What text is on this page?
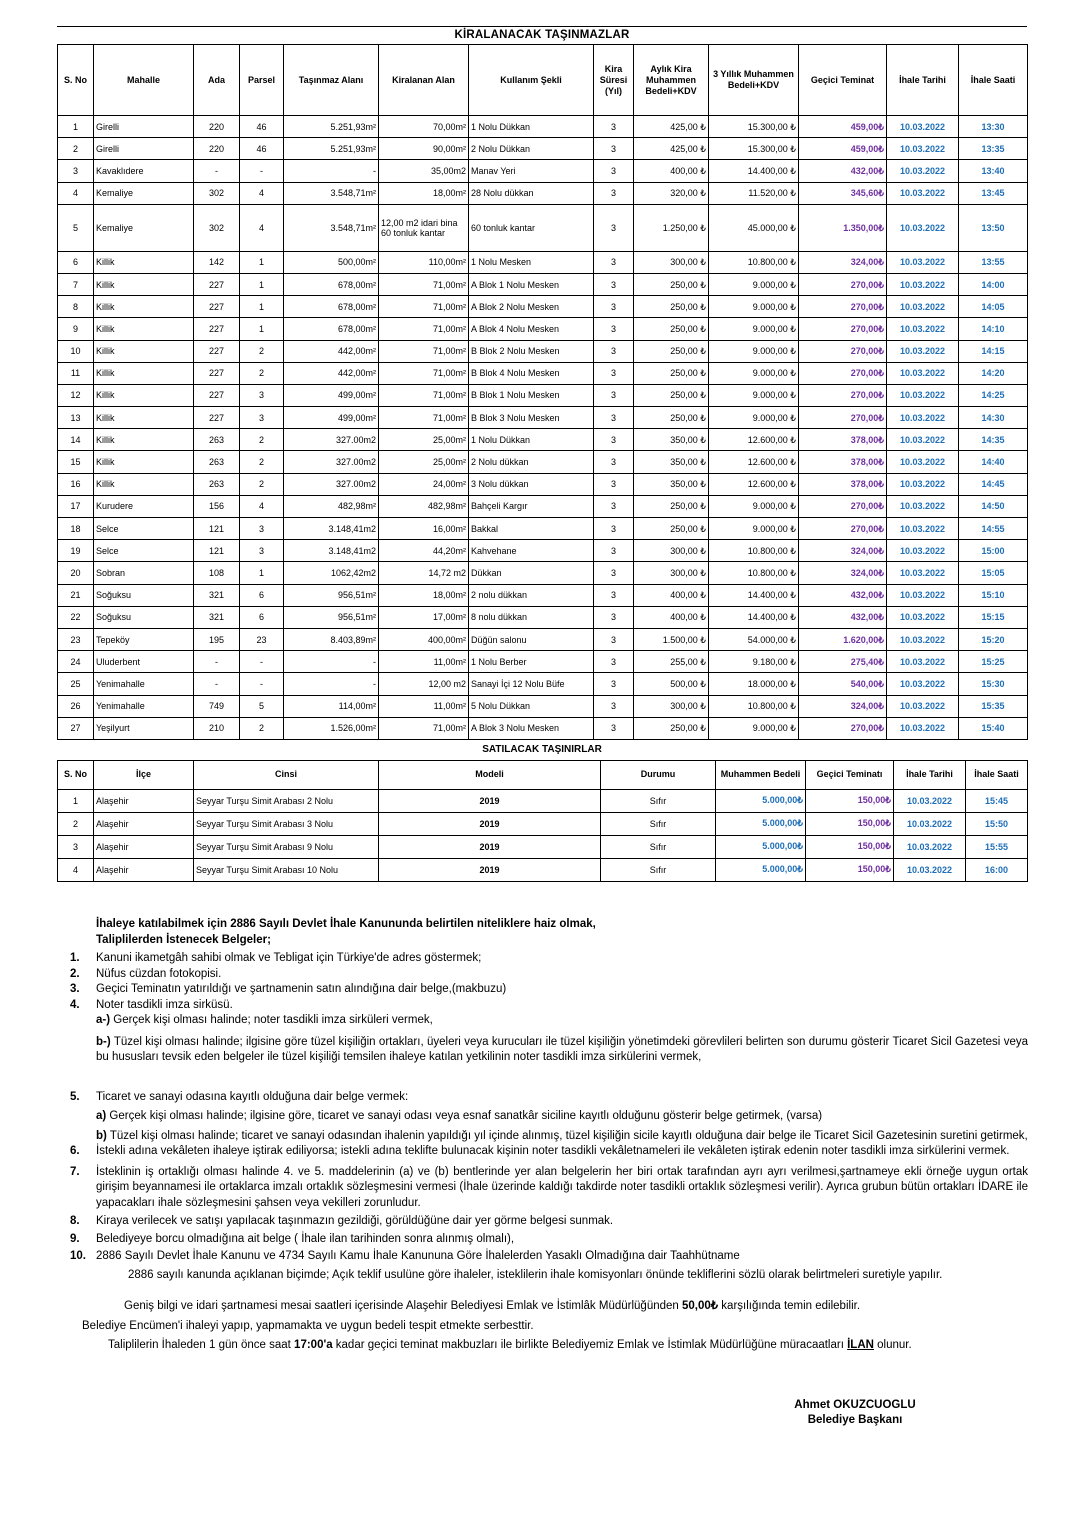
KİRALANACAK TAŞINMAZLAR
S. No	Mahalle	Ada	Parsel	Taşınmaz Alanı	Kiralanan Alan	Kullanım Şekli	Kira Süresi (Yıl)	Aylık Kira Muhammen Bedeli+KDV	3 Yıllık Muhammen Bedeli+KDV	Geçici Teminat	İhale Tarihi	İhale Saati
1	Girelli	220	46	5.251,93m²	70,00m²	1 Nolu Dükkan	3	425,00 ₺	15.300,00 ₺	459,00₺	10.03.2022	13:30
2	Girelli	220	46	5.251,93m²	90,00m²	2 Nolu Dükkan	3	425,00 ₺	15.300,00 ₺	459,00₺	10.03.2022	13:35
3	Kavaklıdere	-	-	-	35,00m2	Manav Yeri	3	400,00 ₺	14.400,00 ₺	432,00₺	10.03.2022	13:40
4	Kemaliye	302	4	3.548,71m²	18,00m²	28 Nolu dükkan	3	320,00 ₺	11.520,00 ₺	345,60₺	10.03.2022	13:45
5	Kemaliye	302	4	3.548,71m²	12,00 m2 idari bina 60 tonluk kantar	60 tonluk kantar	3	1.250,00 ₺	45.000,00 ₺	1.350,00₺	10.03.2022	13:50
6	Killik	142	1	500,00m²	110,00m²	1 Nolu Mesken	3	300,00 ₺	10.800,00 ₺	324,00₺	10.03.2022	13:55
7	Killik	227	1	678,00m²	71,00m²	A Blok 1 Nolu Mesken	3	250,00 ₺	9.000,00 ₺	270,00₺	10.03.2022	14:00
8	Killik	227	1	678,00m²	71,00m²	A Blok 2 Nolu Mesken	3	250,00 ₺	9.000,00 ₺	270,00₺	10.03.2022	14:05
9	Killik	227	1	678,00m²	71,00m²	A Blok 4 Nolu Mesken	3	250,00 ₺	9.000,00 ₺	270,00₺	10.03.2022	14:10
10	Killik	227	2	442,00m²	71,00m²	B Blok 2 Nolu Mesken	3	250,00 ₺	9.000,00 ₺	270,00₺	10.03.2022	14:15
11	Killik	227	2	442,00m²	71,00m²	B Blok 4 Nolu Mesken	3	250,00 ₺	9.000,00 ₺	270,00₺	10.03.2022	14:20
12	Killik	227	3	499,00m²	71,00m²	B Blok 1 Nolu Mesken	3	250,00 ₺	9.000,00 ₺	270,00₺	10.03.2022	14:25
13	Killik	227	3	499,00m²	71,00m²	B Blok 3 Nolu Mesken	3	250,00 ₺	9.000,00 ₺	270,00₺	10.03.2022	14:30
14	Killik	263	2	327.00m2	25,00m²	1 Nolu Dükkan	3	350,00 ₺	12.600,00 ₺	378,00₺	10.03.2022	14:35
15	Killik	263	2	327.00m2	25,00m²	2 Nolu dükkan	3	350,00 ₺	12.600,00 ₺	378,00₺	10.03.2022	14:40
16	Killik	263	2	327.00m2	24,00m²	3 Nolu dükkan	3	350,00 ₺	12.600,00 ₺	378,00₺	10.03.2022	14:45
17	Kurudere	156	4	482,98m²	482,98m²	Bahçeli Kargır	3	250,00 ₺	9.000,00 ₺	270,00₺	10.03.2022	14:50
18	Selce	121	3	3.148,41m2	16,00m²	Bakkal	3	250,00 ₺	9.000,00 ₺	270,00₺	10.03.2022	14:55
19	Selce	121	3	3.148,41m2	44,20m²	Kahvehane	3	300,00 ₺	10.800,00 ₺	324,00₺	10.03.2022	15:00
20	Sobran	108	1	1062,42m2	14,72 m2	Dükkan	3	300,00 ₺	10.800,00 ₺	324,00₺	10.03.2022	15:05
21	Soğuksu	321	6	956,51m²	18,00m²	2 nolu dükkan	3	400,00 ₺	14.400,00 ₺	432,00₺	10.03.2022	15:10
22	Soğuksu	321	6	956,51m²	17,00m²	8 nolu dükkan	3	400,00 ₺	14.400,00 ₺	432,00₺	10.03.2022	15:15
23	Tepeköy	195	23	8.403,89m²	400,00m²	Düğün salonu	3	1.500,00 ₺	54.000,00 ₺	1.620,00₺	10.03.2022	15:20
24	Uluderbent	-	-	-	11,00m²	1 Nolu Berber	3	255,00 ₺	9.180,00 ₺	275,40₺	10.03.2022	15:25
25	Yenimahalle	-	-	-	12,00 m2	Sanayi İçi 12 Nolu Büfe	3	500,00 ₺	18.000,00 ₺	540,00₺	10.03.2022	15:30
26	Yenimahalle	749	5	114,00m²	11,00m²	5 Nolu Dükkan	3	300,00 ₺	10.800,00 ₺	324,00₺	10.03.2022	15:35
27	Yeşilyurt	210	2	1.526,00m²	71,00m²	A Blok 3 Nolu Mesken	3	250,00 ₺	9.000,00 ₺	270,00₺	10.03.2022	15:40
SATILACAK TAŞINIRLAR
S. No	İlçe	Cinsi	Modeli	Durumu	Muhammen Bedeli	Geçici Teminatı	İhale Tarihi	İhale Saati
1	Alaşehir	Seyyar Turşu Simit Arabası 2 Nolu	2019	Sıfır	5.000,00₺	150,00₺	10.03.2022	15:45
2	Alaşehir	Seyyar Turşu Simit Arabası 3 Nolu	2019	Sıfır	5.000,00₺	150,00₺	10.03.2022	15:50
3	Alaşehir	Seyyar Turşu Simit Arabası 9 Nolu	2019	Sıfır	5.000,00₺	150,00₺	10.03.2022	15:55
4	Alaşehir	Seyyar Turşu Simit Arabası 10 Nolu	2019	Sıfır	5.000,00₺	150,00₺	10.03.2022	16:00
İhaleye katılabilmek için 2886 Sayılı Devlet İhale Kanununda belirtilen niteliklere haiz olmak,
Taliplilerden İstenecek Belgeler;
1. Kanuni ikametgâh sahibi olmak ve Tebligat için Türkiye'de adres göstermek;
2. Nüfus cüzdan fotokopisi.
3. Geçici Teminatın yatırıldığı ve şartnamenin satın alındığına dair belge,(makbuzu)
4. Noter tasdikli imza sirküsü.
a-) Gerçek kişi olması halinde; noter tasdikli imza sirküleri vermek,
b-) Tüzel kişi olması halinde; ilgisine göre tüzel kişiliğin ortakları, üyeleri veya kurucuları ile tüzel kişiliğin yönetimdeki görevlileri belirten son durumu gösterir Ticaret Sicil Gazetesi veya bu hususları tevsik eden belgeler ile tüzel kişiliği temsilen ihaleye katılan yetkilinin noter tasdikli imza sirkülerini vermek,
5. Ticaret ve sanayi odasına kayıtlı olduğuna dair belge vermek:
a) Gerçek kişi olması halinde; ilgisine göre, ticaret ve sanayi odası veya esnaf sanatkâr siciline kayıtlı olduğunu gösterir belge getirmek, (varsa)
b) Tüzel kişi olması halinde; ticaret ve sanayi odasından ihalenin yapıldığı yıl içinde alınmış, tüzel kişiliğin sicile kayıtlı olduğuna dair belge ile Ticaret Sicil Gazetesinin suretini getirmek,
6. İstekli adına vekâleten ihaleye iştirak ediliyorsa; istekli adına teklifte bulunacak kişinin noter tasdikli vekâletnameleri ile vekâleten iştirak edenin noter tasdikli imza sirkülerini vermek.
7. İsteklinin iş ortaklığı olması halinde 4. ve 5. maddelerinin (a) ve (b) bentlerinde yer alan belgelerin her biri ortak tarafından ayrı ayrı verilmesi,şartnameye ekli örneğe uygun ortak girişim beyannamesi ile ortaklarca imzalı ortaklık sözleşmesini vermesi (İhale üzerinde kaldığı takdirde noter tasdikli ortaklık sözleşmesi verilir). Ayrıca grubun bütün ortakları İDARE ile yapacakları ihale sözleşmesini şahsen veya vekilleri zorunludur.
8. Kiraya verilecek ve satışı yapılacak taşınmazın gezildiği, görüldüğüne dair yer görme belgesi sunmak.
9. Belediyeye borcu olmadığına ait belge ( İhale ilan tarihinden sonra alınmış olmalı),
10. 2886 Sayılı Devlet İhale Kanunu ve 4734 Sayılı Kamu İhale Kanununa Göre İhalelerden Yasaklı Olmadığına dair Taahhütname
2886 sayılı kanunda açıklanan biçimde; Açık teklif usulüne göre ihaleler, isteklilerin ihale komisyonları önünde tekliflerini sözlü olarak belirtmeleri suretiyle yapılır.
Geniş bilgi ve idari şartnamesi mesai saatleri içerisinde Alaşehir Belediyesi Emlak ve İstimlâk Müdürlüğünden 50,00₺ karşılığında temin edilebilir.
Belediye Encümen'i ihaleyi yapıp, yapmamakta ve uygun bedeli tespit etmekte serbesttir.
Taliplilerin İhaleden 1 gün önce saat 17:00'a kadar geçici teminat makbuzları ile birlikte Belediyemiz Emlak ve İstimlak Müdürlüğüne müracaatları İLAN olunur.
Ahmet OKUZCUOGLU
Belediye Başkanı
